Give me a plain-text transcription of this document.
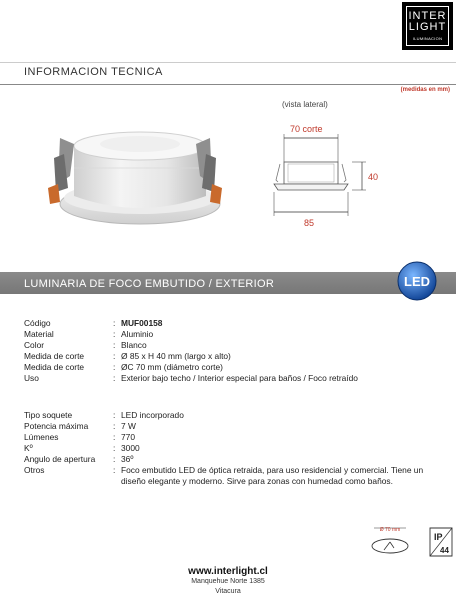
INTER
LIGHT
ILUMINACION
INFORMACION TECNICA
(medidas en mm)
(vista lateral)
70 corte
40
85
LUMINARIA DE FOCO EMBUTIDO / EXTERIOR	LED
Código	: MUF00158
Material	: Aluminio
Color	: Blanco
Medida de corte	: Ø 85 x H 40 mm (largo x alto)
Medida de corte	: ØC 70 mm (diámetro corte)
Uso	: Exterior bajo techo / Interior especial para baños / Foco retraído
Tipo soquete	: LED incorporado
Potencia máxima	: 7 W
Lúmenes	: 770
Kº	: 3000
Angulo de apertura	: 36º
Otros	: Foco embutido LED de óptica retraida, para uso residencial y comercial. Tiene un diseño elegante y moderno. Sirve para zonas con humedad como baños.
Ø 70 mm
IP
44
www.interlight.cl
Manquehue Norte 1385
Vitacura
